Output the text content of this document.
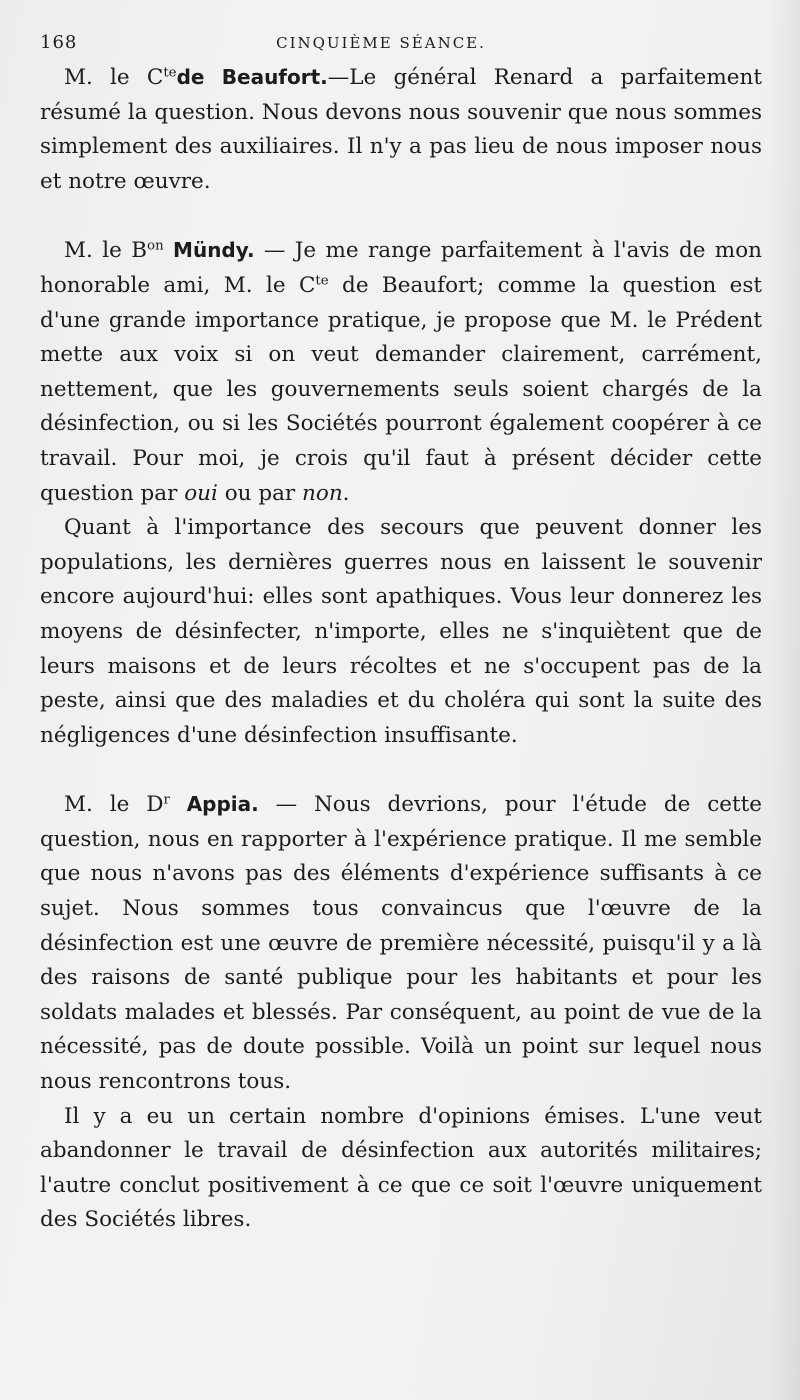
168	CINQUIÈME SÉANCE.

M. le $C^{te}de$ Beaufort.—Le général Renard a parfaitement résumé la question. Nous devons nous souvenir que nous sommes simplement des auxiliaires. Il n'y a pas lieu de nous imposer nous et notre œuvre.

M. le $B^{on}$ Mündy. — Je me range parfaitement à l'avis de mon honorable ami, M. le $C^{te}$ de Beaufort; comme la question est d'une grande importance pratique, je propose que M. le Prédent mette aux voix si on veut demander clairement, carrément, nettement, que les gouvernements seuls soient chargés de la désinfection, ou si les Sociétés pourront également coopérer à ce travail. Pour moi, je crois qu'il faut à présent décider cette question par oui ou par non.

Quant à l'importance des secours que peuvent donner les populations, les dernières guerres nous en laissent le souvenir encore aujourd'hui: elles sont apathiques. Vous leur donnerez les moyens de désinfecter, n'importe, elles ne s'inquiètent que de leurs maisons et de leurs récoltes et ne s'occupent pas de la peste, ainsi que des maladies et du choléra qui sont la suite des négligences d'une désinfection insuffisante.

M. le $D^r$ Appia. — Nous devrions, pour l'étude de cette question, nous en rapporter à l'expérience pratique. Il me semble que nous n'avons pas des éléments d'expérience suffisants à ce sujet. Nous sommes tous convaincus que l'œuvre de la désinfection est une œuvre de première nécessité, puisqu'il y a là des raisons de santé publique pour les habitants et pour les soldats malades et blessés. Par conséquent, au point de vue de la nécessité, pas de doute possible. Voilà un point sur lequel nous nous rencontrons tous.

Il y a eu un certain nombre d'opinions émises. L'une veut abandonner le travail de désinfection aux autorités militaires; l'autre conclut positivement à ce que ce soit l'œuvre uniquement des Sociétés libres.
